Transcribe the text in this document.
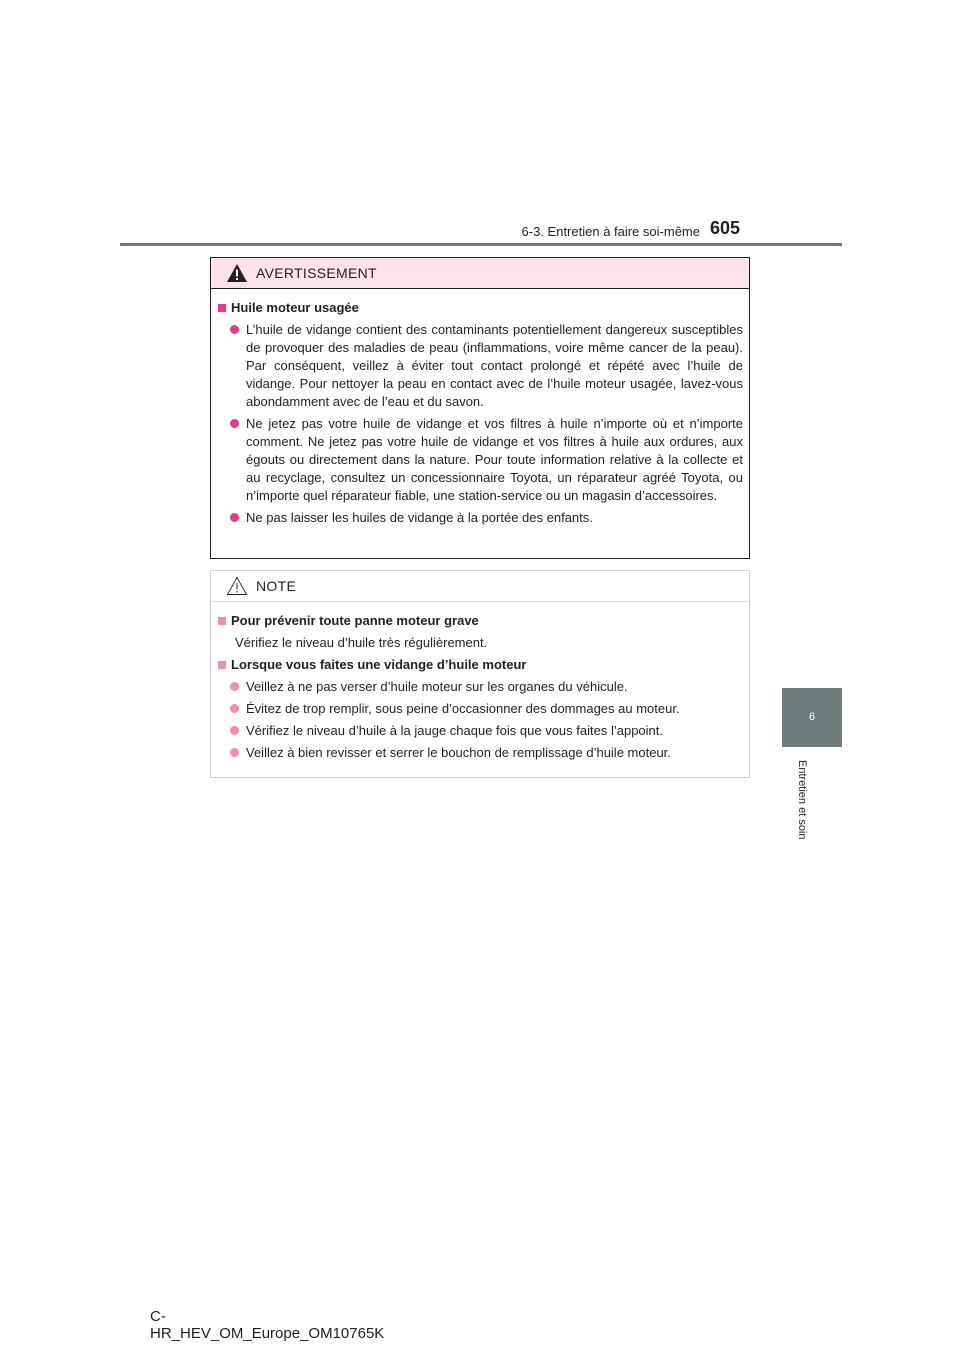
6-3. Entretien à faire soi-même 605
6
Entretien et soin
AVERTISSEMENT
Huile moteur usagée
L’huile de vidange contient des contaminants potentiellement dangereux susceptibles de provoquer des maladies de peau (inflammations, voire même cancer de la peau). Par conséquent, veillez à éviter tout contact prolongé et répété avec l’huile de vidange. Pour nettoyer la peau en contact avec de l’huile moteur usagée, lavez-vous abondamment avec de l’eau et du savon.
Ne jetez pas votre huile de vidange et vos filtres à huile n’importe où et n’importe comment. Ne jetez pas votre huile de vidange et vos filtres à huile aux ordures, aux égouts ou directement dans la nature. Pour toute information relative à la collecte et au recyclage, consultez un concessionnaire Toyota, un réparateur agréé Toyota, ou n’importe quel réparateur fiable, une station-service ou un magasin d’accessoires.
Ne pas laisser les huiles de vidange à la portée des enfants.
NOTE
Pour prévenir toute panne moteur grave
Vérifiez le niveau d’huile très régulièrement.
Lorsque vous faites une vidange d’huile moteur
Veillez à ne pas verser d’huile moteur sur les organes du véhicule.
Évitez de trop remplir, sous peine d’occasionner des dommages au moteur.
Vérifiez le niveau d’huile à la jauge chaque fois que vous faites l’appoint.
Veillez à bien revisser et serrer le bouchon de remplissage d’huile moteur.
C-HR_HEV_OM_Europe_OM10765K
